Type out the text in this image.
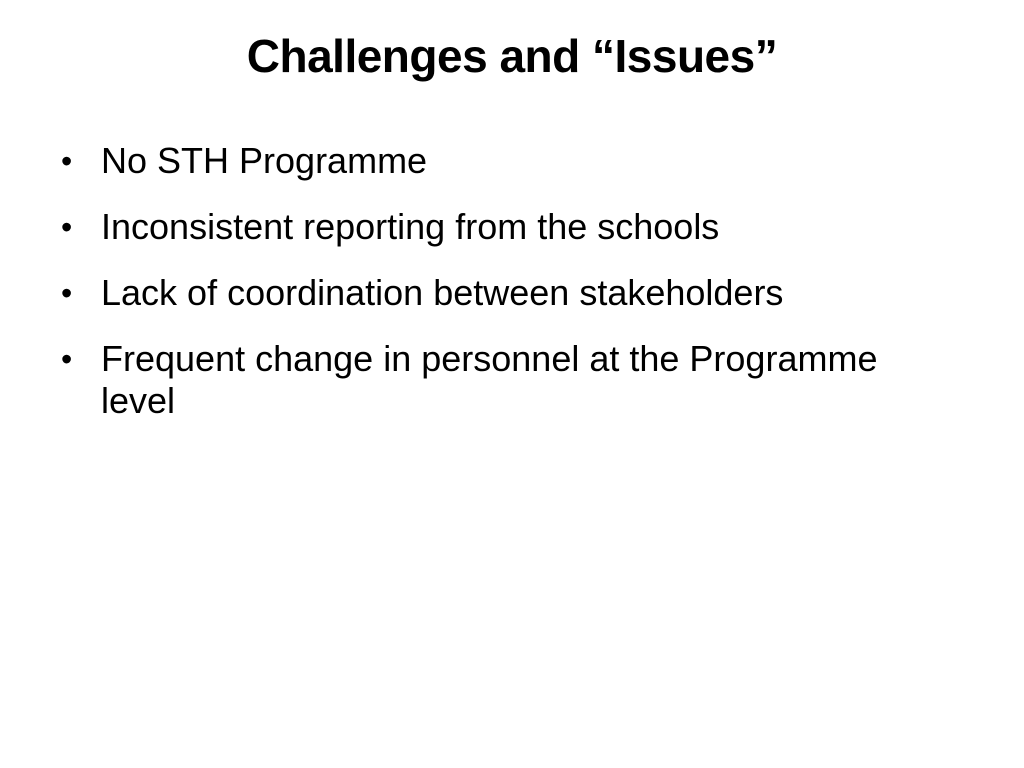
Challenges and “Issues”
• No STH Programme
• Inconsistent reporting from the schools
• Lack of coordination between stakeholders
• Frequent change in personnel at the Programme level
